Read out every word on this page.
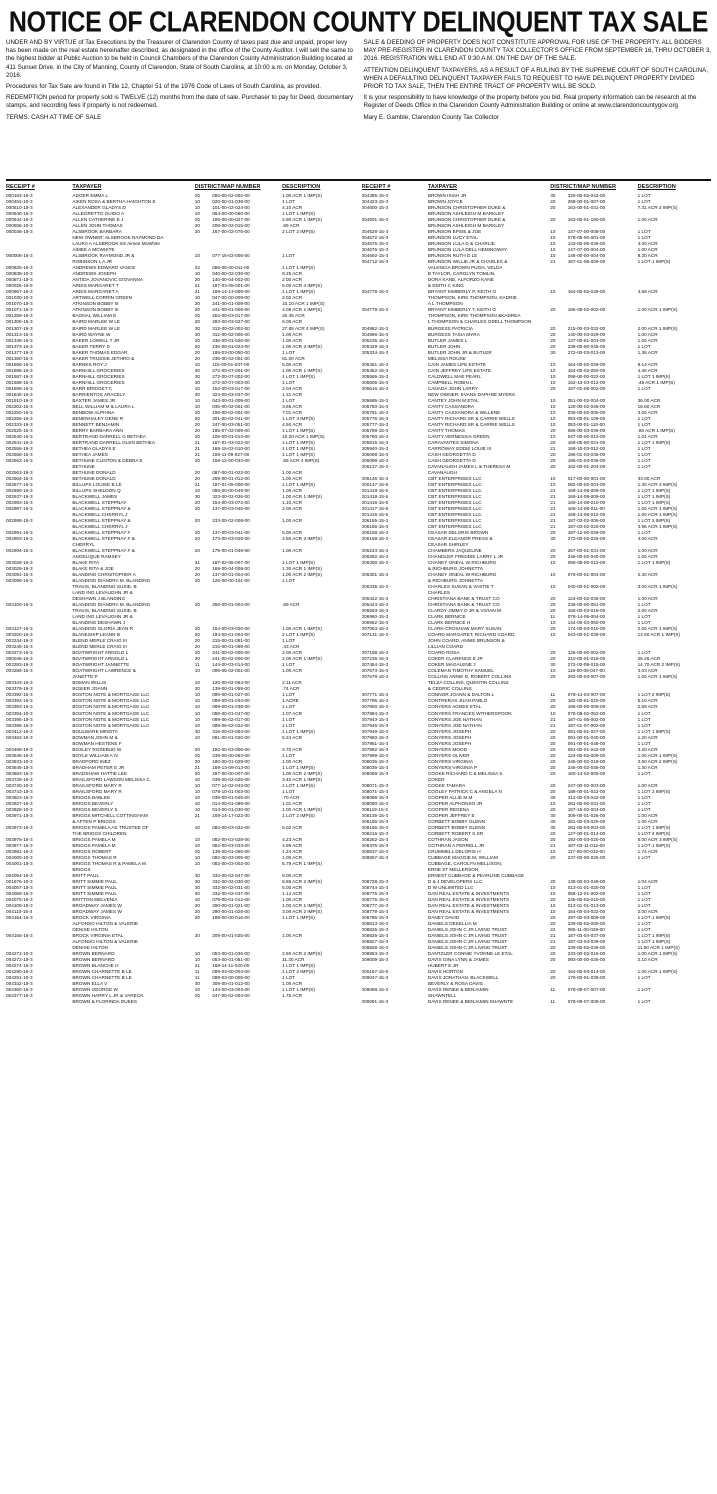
NOTICE OF CLARENDON COUNTY DELINQUENT TAX SALE

UNDER AND BY VIRTUE of Tax Executions by the Treasurer of Clarendon County of taxes past due and unpaid, proper levy has been made on the real estate hereinafter described, as designated in the office of the County Auditor. I will sell the same to the highest bidder at Public Auction to be held in Council Chambers of the Clarendon County Administration Building located at 411 Sunset Drive, in the City of Manning, County of Clarendon, State of South Carolina, at 10:00 a.m. on Monday, October 3, 2016.

Procedures for Tax Sale are found in Title 12, Chapter 51 of the 1976 Code of Laws of South Carolina, as provided.

REDEMPTION period for property sold is TWELVE (12) months from the date of sale. Purchaser to pay for Deed, documentary stamps, and recording fees if property is not redeemed.

TERMS: CASH AT TIME OF SALE

SALE & DEEDING OF PROPERTY DOES NOT CONSTITUTE APPROVAL FOR USE OF THE PROPERTY. ALL BIDDERS MAY PRE-REGISTER IN CLARENDON COUNTY TAX COLLECTOR'S OFFICE FROM SEPTEMBER 16, THRU OCTOBER 3, 2016. REGISTRATION WILL END AT 9:30 A.M. ON THE DAY OF THE SALE.

ATTENTION DELINQUENT TAXPAYERS, AS A RESULT OF A RULING BY THE SUPREME COURT OF SOUTH CAROLINA, WHEN A DEFAULTING DELINQUENT TAXPAYER FAILS TO REQUEST TO HAVE DELINQUENT PROPERTY DIVIDED PRIOR TO TAX SALE, THEN THE ENTIRE TRACT OF PROPERTY WILL BE SOLD.

It is your responsibility to have knowledge of the property before you bid. Real property information can be research at the Register of Deeds Office in the Clarendon County Administration Building or online at www.clarendoncountygov.org

Mary E. Gamble, Clarendon County Tax Collector

RECEIPT #	TAXPAYER	DISTRICT/MAP NUMBER		DESCRIPTION
000183-15-3	ADGER EMMA L	20	092-00-02-002-00	1.00 ACR 1 IMP(S)
000452-15-3	AIKEN ROSA & BERTHA HAIGHTON E	10	020-00-01-038-00	1 LOT
000510-15-3	ALEXANDER GLADYS D	10	101-00-02-024-00	4.10 ACR
000540-15-3	ALLEGRETTO GUIDO A	10	064-00-00-060-00	1 LOT 1 IMP(S)
000544-15-3	ALLEN CATHERINE E J	20	195-00-00-027-00	2.90 ACR 1 IMP(S)
000556-15-3	ALLEN JOHN THOMAS	20	208-00-02-015-00	.69 ACR
000038-15-3	ALSBROOK BARBARA	20	167-00-02-076-00	2 LOT 2 IMP(S)
	NEW OWNER: ALSBROOK RAYMOND DA			
	LAURA A ALSBROOK SS Aimee McWhite			
	AIMEE A MCWHITE			
000008-15-3	ALSBROOK RAYMOND JR &	10	077-16-02-005-00	1 LOT
	ROBINSON L A JR			
000825-15-3	ANDREWS EDWARD VANCE	22	086-05-00-011-00	1 LOT 1 IMP(S)
000838-15-3	ANDREWS JOSEPH	10	040-00-02-038-00	9.25 ACR
000871-15-3	ANTIDA JOVANOVIC GIOVANNA	20	140-00-04-002-00	2.00 ACR
000026-15-5	ARDIS MARGARET T	21	187-03-09-001-00	5.00 ACR 4 IMP(S)
000967-15-3	ARDIS MARGARET A	21	169-14-13-009-00	1 LOT 1 IMP(S)
001030-15-3	ARTWELL CORRIN GREEN	10	047-00-00-009-00	2.02 ACR
001070-15-3	ATKINSON BOBBY III	20	241-00-01-008-00	10.10 ACR 1 IMP(S)
001071-15-3	ATKINSON BOBBY III	20	241-00-01-009-00	4.08 ACR 1 IMP(S)
001259-15-3	BAGNAL WILLIAM E	20	262-00-03-017-00	20.35 ACR
001306-15-3	BAIRD MARLEE W LE	20	283-00-03-027-00	6.00 ACR
001307-15-3	BAIRD MARLEE W LE	30	312-00-02-002-00	27.85 ACR 4 IMP(S)
001313-15-3	BAIRD WAYNE W	30	312-00-02-005-00	1.00 ACR
001345-15-3	BAKER LOWELL T JR	20	236-00-01-026-00	1.00 ACR
001373-15-3	BAKER TERRY D	20	236-00-01-024-00	1.00 ACR 2 IMP(S)
001377-15-3	BAKER THOMAS EDGAR	20	195-03-00-050-00	1 LOT
001380-15-3	BAKER TRUSSIE JETHRO &	20	236-00-02-001-00	81.00 ACR
001569-15-3	BARNES ROY J	10	116-00-01-037-00	5.00 ACR
001586-15-3	BARNHILL GROCERIES	30	272-00-07-001-00	1.00 ACR 1 IMP(S)
001587-15-3	BARNHILL GROCERIES	30	272-00-07-002-00	1 LOT 1 IMP(S)
001588-15-3	BARNHILL GROCERIES	30	272-00-07-003-00	1 LOT
001599-15-3	BARR BRIDGET C	10	162-00-03-017-00	2.04 ACR
001645-15-3	BARRIENTOS ARACELY	30	323-00-03-037-00	1.31 ACR
001910-15-3	BAXTER JAMES JR	10	043-00-01-009-00	1 LOT
002202-15-3	BELL WILLIAM M & LAURA L	10	035-00-02-001-00	3.66 ACR
002250-15-3	BENBOW ALPHINA	20	196-00-02-001-00	7.01 ACR
002256-15-3	BENENHALEY GENE R	20	201-00-02-041-00	1 LOT 3 IMP(S)
002333-15-3	BENNETT BENJAMIN	20	247-00-03-051-00	4.50 ACR
002525-15-3	BERRY BARBARA ANN	20	195-07-02-009-00	1 LOT 1 IMP(S)
002540-15-3	BERTRAND DARRELL G BETHEA	20	106-00-01-013-00	10.20 ACR 1 IMP(S)
002541-15-3	BERTRAND DARRELL GLEN BETHEA	21	187-01-03-022-00	1 LOT 1 IMP(S)
002556-15-3	BETHEA GLADYS E	21	169-15-02-010-00	1 LOT 1 IMP(S)
002558-15-3	BETHEA JAMES	21	169-11-09-027-00	1 LOT 1 IMP(S)
002562-15-3	BETHUNE CLINTON & DEBRA E	20	168-12-00-033-00	.55 ACR 4 IMP(S)
	BETHUNE			
002563-15-3	BETHUNE DONALD	20	087-00-01-022-00	1.00 ACR
002564-15-3	BETHUNE DONALD	20	269-00-01-012-00	1.00 ACR
002677-15-3	BILLUPS LOUISE B LE	21	187-01-05-008-00	1 LOT 1 IMP(S)
002690-15-3	BILLUPS SHELDON Q	10	066-00-00-049-00	1.00 ACR
002937-15-3	BLACKWELL JAMES	30	323-00-02-036-00	1.00 ACR 1 IMP(S)
002983-15-3	BLACKWELL STEPPNAY	20	164-00-03-072-00	1.10 ACR
002987-15-3	BLACKWELL STEPPNAY &	20	137-00-03-045-00	2.00 ACR
	BLACKWELL CHERRYL J			
002988-15-3	BLACKWELL STEPPNAY &	20	233-00-02-008-00	1.00 ACR
	BLACKWELL CHERRYL J			
002991-15-3	BLACKWELL STEPPNAY F	20	137-00-03-041-00	5.00 ACR
002993-15-3	BLACKWELL STEPPNAY F &	20	173-00-03-025-00	4.50 ACR 2 IMP(S)
	CHERRYL			
002994-15-3	BLACKWELL STEPPNAY F &	20	179-00-01-049-00	1.00 ACR
	ANGELIQUE RAMSEY			
003028-15-3	BLAKE RITA	21	187-02-06-007-00	1 LOT 1 IMP(S)
003029-15-3	BLAKE RITA & JOE	20	168-00-04-008-00	1.30 ACR 1 IMP(S)
003091-15-3	BLANDING CHRISTOPHER A	20	137-00-01-004-00	1.00 ACR 2 IMP(S)
003099-15-3	BLANDING DIANDRA M, BLANDING	20	126-00-00-101-00	1 LOT
	TRAVIS, BLANDING SUSIE, B			
	LAND ING LEVAUGHN JR &			
	DESHAWN J BLANDING			
003100-15-3	BLANDING DIANDRA M, BLANDING	20	266-00-01-004-00	.69 ACR
	TRAVIS, BLANDING SUSIE, B			
	LAND ING LEVAUGHN JR &			
	BLANDING DESHAWN J			
003127-15-3	BLANDING GLORIA JEAN R	20	164-00-03-020-00	1.00 ACR 1 IMP(S)
003200-15-3	BLANKSHIP LEANN B	20	194-00-01-004-00	2 LOT 1 IMP(S)
003244-15-3	BLEND MERLE CRAIG III	20	215-00-01-081-00	1 LOT
003245-15-3	BLEND MERLE CRAIG III	20	215-00-01-098-00	.43 ACR
003273-15-3	BOATWRIGHT ARNOLD L	20	241-00-02-005-00	2.00 ACR
000046-15-3	BOATWRIGHT ARNOLD L	20	241-00-02-006-00	2.00 ACR 1 IMP(S)
003283-15-3	BOATWRIGHT JANNETTE	11	144-00-03-014-00	1 LOT
003286-15-3	BOATWRIGHT LAWRENCE &	10	099-06-02-001-00	1.00 ACR
	JANETTE P			
003343-15-3	BOMAN WILLIS	10	120-00-02-064-00	2.11 ACR
003379-15-3	BOSIER JOANN	20	139-00-01-059-00	.74 ACR
003392-15-3	BOSTON NOTE & MORTGAGE LLC	10	099-00-01-027-00	1 LOT
003392-15-3	BOSTON NOTE & MORTGAGE LLC	10	099-00-01-034-00	1 ACRE
003393-15-3	BOSTON NOTE & MORTGAGE LLC	10	099-00-01-038-00	1 LOT
003394-15-3	BOSTON NOTE & MORTGAGE LLC	10	099-00-01-047-00	1.07 ACR
003395-15-3	BOSTON NOTE & MORTGAGE LLC	10	099-06-02-017-00	1 LOT
003396-15-3	BOSTON NOTE & MORTGAGE LLC	10	099-06-02-022-00	1 LOT
003412-15-3	BOULWARE MINOTA	30	315-00-03-004-00	1 LOT 1 IMP(S)
003462-15-3	BOWMAN JOHN M &	10	081-00-01-020-00	5.24 ACR
	BOWMAN HESTENE F			
003489-15-3	BOXLEY ROSEBUD W	20	192-00-03-006-00	4.70 ACR
003546-15-3	BOYLE WILLIAM A IV	20	238-00-00-063-00	1 LOT
003633-15-3	BRADFORD INEZ	20	180-00-01-029-00	1.00 ACR
003645-15-3	BRADHAM PETER E JR	21	169-13-09-013-00	1 LOT 1 IMP(S)
003683-15-3	BRADSHAW HATTIE LEE	20	297-00-00-007-00	1.00 ACR 2 IMP(S)
003728-15-3	BRAILSFORD LAWSON MELISSA C	10	039-00-02-025-00	3.40 ACR 1 IMP(S)
003740-15-3	BRAILSFORD MARY R	10	077-14-02-043-00	1 LOT 1 IMP(S)
003743-15-3	BRAILSFORD MARY R	10	078-10-01-003-00	1 LOT
003923-15-3	BRIGGS BABLEE	10	039-00-01-045-00	.70 ACR
003927-15-3	BRIGGS BEVERLY	10	014-00-01-089-00	1.01 ACR
003928-15-3	BRIGGS BEVERLY S	10	014-00-01-030-00	1.00 ACR 1 IMP(S)
003971-15-3	BRIGGS MITCHELL COTTINGHAM	21	169-14-17-022-00	1 LOT 2 IMP(S)
	& AFTEN P BRIGGS			
003973-15-3	BRIGGS PAMELA AS TRUSTEE OF	10	082-00-03-032-00	5.02 ACR
	THE BRIGGS CHILDREN			
003976-15-3	BRIGGS PAMELA M	10	082-00-03-028-00	4.23 ACR
003977-15-3	BRIGGS PAMELA M	10	082-00-03-033-00	4.95 ACR
003981-15-3	BRIGGS ROBERT	20	139-00-01-065-00	1.24 ACR
004000-15-3	BRIGGS THOMAS R	10	082-00-03-005-00	1.00 ACR
004001-15-3	BRIGGS THOMAS R & PAMELA M	10	082-00-03-002-00	5.79 ACR 1 IMP(S)
	BRIGGS			
004054-15-3	BRITT PAUL	30	332-00-02-047-00	9.00 ACR
001676-15-3	BRITT SIMMIE PAUL	30	332-00-02-030-00	8.86 ACR 2 IMP(S)
004057-15-3	BRITT SIMMIE PAUL	30	332-00-02-031-00	5.00 ACR
004058-15-3	BRITT SIMMIE PAUL	30	332-00-02-037-00	1.14 ACR
004075-15-3	BRITTON MELVENIA	10	078-00-01-012-00	1.00 ACR
004109-15-3	BROADWAY JAMES W	20	290-00-01-021-00	1.00 ACR 1 IMP(S)
004110-15-3	BROADWAY JAMES W	20	290-00-01-026-00	3.00 ACR 2 IMP(S)
004164-15-3	BROCK VIRGINIA	20	195-00-00-016-00	1 LOT 1 IMP(S)
	ALFONSO HILTON & VALERIE			
	DENISE HILTON			
004165-15-3	BROCK VIRGINIA ETAL	20	209-00-01-025-00	1.00 ACR
	ALFONSO HILTON & VALERIE			
	DENISE HILTON			
004271-15-3	BROWN BERNARD	10	053-00-01-036-00	2.50 ACR 2 IMP(S)
004272-15-3	BROWN BERNARD	10	053-00-01-051-00	11.30 ACR
004274-15-3	BROWN BLANCHE H	21	169-14-11-020-00	1 LOT 1 IMP(S)
004290-15-3	BROWN CHARNETTE B LE	11	099-03-00-004-00	1 LOT 2 IMP(S)
004291-15-3	BROWN CHARNETTE B LE	11	099-03-00-005-00	1 LOT
004332-15-3	BROWN ELLA V	30	309-00-01-012-00	1.00 ACR
004360-15-3	BROWN GEORGE W	10	143-00-03-003-00	1 LOT 1 IMP(S)
004377-15-3	BROWN HARRY L JR & VARECK	20	247-00-02-004-00	1.75 ACR
	BROWN & FLORINDA DUKES			
RECEIPT #	TAXPAYER	DISTRICT/MAP NUMBER		DESCRIPTION
004385-15-3	BROWN ISIAH JR	30	325-00-02-043-00	1 LOT
004423-15-3	BROWN JOYCE	20	268-00-01-007-00	1 LOT
004600-15-3	BRUNSON CHRISTOPHER DUKE &	20	163-00-01-031-00	7.31 ACR 2 IMP(S)
	BRUNSON ASHLEIGH M BARKLEY			
004601-15-3	BRUNSON CHRISTOPHER DUKE &	20	163-00-01-190-00	1.00 ACR
	BRUNSON ASHLEIGH M BARKLEY			
004628-15-3	BRUNSON EPSIE & JOE	10	147-07-00-008-00	1 LOT
004672-15-3	BRUNSON LUCY ETAL	10	078-05-00-001-00	1 LOT
004675-15-3	BRUNSON LULA D & CHARLIE	10	143-00-05-036-00	4.00 ACR
004676-15-3	BRUNSON LULA DELL HEMINGWAY	10	147-07-00-004-00	1.00 ACR
004692-15-3	BRUNSON RUTH D LE	10	146-00-00-004-00	8.20 ACR
004712-15-3	BRUNSON WILLIE JR & CHARLES &	21	187-01-06-009-00	1 LOT 1 IMP(S)
	VALENCIA BROWN PUGH, VELDA			
	B TAYLOR, CAROLYN TOMLIN,			
	DORA KANE, ALFORZO KANE			
	& EDITH C KING			
004778-15-3	BRYANT KIMBERLY P, KEITH O	10	164-00-02-049-00	4.69 ACR
	THOMPSON, KIRK THOMPSON, KADRIE			
	A L THOMPSON			
004779-15-3	BRYANT KIMBERLY T, KEITH O	20	185-08-02-002-00	1.00 ACR 1 IMP(S)
	THOMPSON, KIRK THOMPSON &KADREA			
	L THOMPSON & CHARLES ODELL THOMPSON			
004982-15-3	BURGESS PATRICIA	20	215-00-03-032-00	2.00 ACR 1 IMP(S)
004996-15-3	BURGESS TASIA MYRA	20	140-00-03-029-00	1.00 ACR
005235-15-3	BUTLER JAMES L	20	137-00-01-001-00	1.00 ACR
005329-15-3	BUTLER JOHN	20	238-00-00-045-00	1 LOT
005334-15-3	BUTLER JOHN JR & BUTLER	30	272-00-03-013-00	1.36 ACR
	MELISSA ROUSE			
005451-15-3	CAIN JAMES LIFE ESTATE	10	164-00-02-028-00	8.14 ACR
005452-15-3	CAIN JEFFREY LIFE ESTATE	10	164-00-02-050-00	4.45 ACR
005565-15-3	CALDWELL MAE PEARL	10	098-00-00-022-00	1 LOT 1 IMP(S)
005605-15-3	CAMPBELL ROBIN L	10	162-13-03-012-00	.49 ACR 1 IMP(S)
005616-15-3	CANADA JOHN LARRY	20	197-01-06-002-00	1 LOT
	NEW OWNER: EVANS DAPHNE MYERS			
005685-15-3	CANTEY JOHN M ETAL	10	051-00-02-004-00	36.00 ACR
005750-15-3	CANTY CASSANDRA	10	120-00-02-046-00	16.60 ACR
005751-15-3	CANTY CASSANDRA & WILLENE	10	039-00-02-005-00	3.00 ACR
005776-15-3	CANTY RICHARD SR & CARRIE WELLS	10	053-00-01-109-00	1 LOT
005777-15-3	CANTY RICHARD SR & CARRIE WELLS	10	053-00-01-110-00	1 LOT
005789-15-3	CANTY THOMAS	20	086-00-03-036-00	.80 ACR 1 IMP(S)
005790-15-3	CANTY VERNESSIA GREEN	10	047-00-00-013-00	1.01 ACR
005815-15-3	CARAVANTES SIMONA	20	169-05-00-021-00	1 LOT 1 IMP(S)
005940-15-3	CARROWAY EDDIE LOUIE III	21	168-10-03-012-00	1 LOT
006098-15-3	CASH GEORGETTA D	20	196-01-03-035-00	1 LOT
006099-15-3	CASH GEORGETTA D	20	196-01-03-036-00	1 LOT
006137-15-3	CAVANAUGH JAMES L & THERESA M	20	162-00-01-204-00	1 LOT
	CAVANAUGH			
006146-15-3	CBT ENTERPRISES LLC	10	017-00-00-001-00	33.00 ACR
000147-15-5	CBT ENTERPRISES LLC	10	082-00-02-001-00	1.30 ACR 3 IMP(S)
001418-15-5	CBT ENTERPRISES LLC	21	169-14-08-008-00	1 LOT 1 IMP(S)
001418-15-5	CBT ENTERPRISES LLC	21	169-14-08-009-00	1 LOT 1 IMP(S)
001416-15-5	CBT ENTERPRISES LLC	21	169-14-08-010-00	1 LOT 1 IMP(S)
001417-15-5	CBT ENTERPRISES LLC	21	169-14-08-011-00	1.00 ACR 1 IMP(S)
001415-15-5	CBT ENTERPRISES LLC	21	169-14-08-012-00	1.00 ACR 1 IMP(S)
006155-15-3	CBT ENTERPRISES LLC	21	187-03-02-006-00	1 LOT 2 IMP(S)
006156-15-3	CBT ENTERPRISES LLC	21	187-03-02-020-00	3.96 ACR 1 IMP(S)
006158-15-3	CEASAR DELORIS BROWN	20	187-12-00-028-00	1 LOT
006159-15-3	CEASAR ELEANOR PRESS &	30	273-00-02-026-00	4.00 ACR
	CEASAR SHIRLEY			
006243-15-3	CHAMBERS JAQUELINE	20	267-00-01-031-00	1.00 ACR
006282-15-3	CHANDLER FREDDIE LARRY L JR	20	246-00-02-040-00	1.00 ACR
006300-15-3	CHANEY ONEAL W RICHBURG	10	059-08-00-013-00	1 LOT 1 IMP(S)
	& RICHBURG JOHNETTA			
006301-15-3	CHANEY ONEAL W RICHBURG	10	076-00-01-004-00	2.40 ACR
	& RICHBURG JOHNETTA			
006335-15-3	CHARLES SUSAN & VASTIE T	10	040-00-01-002-00	3.00 ACR 1 IMP(S)
	CHARLES			
006442-15-3	CHRISTIANA BANK & TRUST CO	20	124-00-02-036-00	1.00 ACR
006443-15-3	CHRISTIANA BANK & TRUST CO	20	238-00-00-051-00	1 LOT
006693-15-3	CLARDY JIMMY O JR & VIVIAN M	20	166-00-03-018-00	2.00 ACR
006960-15-3	CLARK BERNICE	11	078-14-06-004-00	1 LOT
006962-15-3	CLARK BERNICE H	10	144-00-03-050-00	1 LOT
007053-15-3	CLARK-CROSHAW MARY SUSAN	20	174-00-03-010-00	2.00 ACR 1 IMP(S)
007131-15-3	COARD MARGARET, RICHARD COARD,	10	043-00-01-039-00	13.50 ACR 1 IMP(S)
	JOHN COARD, ANNIE BRUNSON &			
	LILLIAN COARD			
007158-15-3	COARD ROSA	20	126-00-00-002-00	1 LOT
007235-15-3	COKER CLARENCE E JR	20	210-00-01-015-00	26.26 ACR
007464-15-3	COKER MAGALENE J	30	272-00-08-015-00	14.70 ACR 2 IMP(S)
007673-15-3	COLEMAN TIMOTHY SAMUEL	10	119-00-05-047-00	3.03 ACR
007679-15-3	COLLINS ANNIE D, ROBERT COLLINS	20	293-00-03-007-00	1.00 ACR 1 IMP(S)
	TELZA COLLINS, QUENTIN COLLINS			
	& CEDRIC COLLINS			
007771-15-3	CONNOR JOANN & DALTON L	11	078-14-04-007-00	1 LOT 2 IMP(S)
007796-15-3	CONTRERAS JUAN PABLO	20	182-00-01-020-00	5.10 ACR
007800-15-3	CONYERS AGNES ETAL	20	195-00-00-008-00	2.59 ACR
007884-15-3	CONYERS FRANCES WITHERSPOON	10	078-08-02-052-00	1 LOT
007943-15-3	CONYERS JOE NATHAN	21	187-01-06-002-00	1 LOT
007945-15-3	CONYERS JOE NATHAN	21	187-01-07-002-00	1 LOT
007949-15-3	CONYERS JOSEPH	20	091-00-01-027-00	1 LOT 1 IMP(S)
007950-15-3	CONYERS JOSEPH	20	091-00-01-040-00	1.20 ACR
007951-15-3	CONYERS JOSEPH	20	091-00-01-048-00	1 LOT
007992-15-3	CONYERS MOOD	20	091-00-01-042-00	3.20 ACR
007999-15-3	CONYERS OLIVER	20	124-00-02-009-00	1.00 ACR 1 IMP(S)
008035-15-3	CONYERS VIRGINIA	20	246-00-02-018-00	3.60 ACR 2 IMP(S)
008036-15-3	CONYERS VIRGINIA P	20	246-00-02-046-00	1.30 ACR
008059-15-3	COOKE RICHARD C & MELISSA S	20	160-14-02-005-00	1 LOT
	COKER			
008071-15-3	COOKE TAMARA	20	247-00-02-003-00	1.00 ACR
008071-15-3	COOLEY PATRICK C & ANGELA N	20	188-00-01-022-00	1 LOT 2 IMP(S)
008088-15-3	COOPER ALLIE M M	30	312-00-03-042-00	1 LOT
008090-15-3	COOPER ALPHONSO JR	10	281-00-00-031-00	1 LOT
008119-15-3	COOPER REGENA	20	197-15-02-004-00	1 LOT
008135-15-3	COOPER JEFFREY E	30	309-00-01-026-00	1.00 ACR
008155-15-3	CORBETT BOBBY GLENN	30	281-00-03-020-00	1.00 ACR
008156-15-3	CORBETT BOBBY GLENN	30	281-00-03-003-00	1 LOT 1 IMP(S)
008216-15-3	CORBETT ROBERT S SR	20	127-00-01-014-00	1 LOT 2 IMP(S)
008262-15-3	COTHRAN JASON	20	192-00-03-020-00	6.00 ACR 3 IMP(S)
008376-15-3	COTHRAN A FERRELL JR	21	187-03-11-012-00	1 LOT 1 IMP(S)
008537-15-3	CRUMMELL DELORIS H	10	117-00-00-032-00	1.74 ACR
008557-15-3	CUBBAGE MAGGIE M, WILLIAM	20	237-00-00-025-00	1 LOT
	CUBBAGE, CAROLYN MELLISON,			
	ERNE ST MELLERSON,			
	ERNEST CUBBAGE & PEARLINE CUBBAGE			
008728-15-3	D & J DEVELOPERS LLC	20	138-00-03-049-00	1.04 ACR
008744-15-3	D W UNLIMITED LLC	10	013-01-01-020-00	1 LOT
008775-15-3	DAN REAL ESTATE & INVESTMENTS	10	058-12-01-002-00	1 LOT
008776-15-3	DAN REAL ESTATE & INVESTMENTS	20	246-00-02-010-00	1 LOT
008777-15-3	DAN REAL ESTATE & INVESTMENTS	10	013-01-01-013-00	1 LOT
008778-15-3	DAN REAL ESTATE & INVESTMENTS	10	164-00-04-022-00	2.00 ACR
008786-15-3	DANEY DAVID	20	297-00-03-009-00	1 LOT 1 IMP(S)
008813-15-3	DANIELS DEKELLIA M	20	239-00-02-005-00	1 LOT
008825-15-3	DANIELS JOHN C JR LIVING TRUST	22	086-11-00-028-00	1 LOT
008826-15-3	DANIELS JOHN C JR LIVING TRUST	21	187-03-04-037-00	1 LOT 1 IMP(S)
008827-15-3	DANIELS JOHN C JR LIVING TRUST	21	187-03-04-039-00	1 LOT 1 IMP(S)
008828-15-3	DANIELS JOHN C JR LIVING TRUST	20	239-00-02-036-00	11.90 ACR 1 IMP(S)
008863-15-3	DANTZLER CONNIE YVONNE LE ETAL	20	233-00-02-016-00	1.00 ACR 1 IMP(S)
009009-15-3	DAVIS GINA LYNN & JAMES	20	093-00-00-026-00	2.10 ACR
	HUBERT E JR			
000167-15-5	DAVIS HORTON	20	164-00-03-014-00	1.00 ACR 1 IMP(S)
009047-15-3	DAVIS JONATHAN, BLACKWELL	20	179-00-01-039-00	1 LOT
	BEVERLY & ROSA DAVIS			
009088-15-3	DAVIS RENEE & BENJAMIN	11	078-09-07-007-00	1 LOT
	SHAWNTELL			
009091-15-3	DAVIS RENEE & BENJAMIN SHAWNTE	11	078-09-07-008-00	1 LOT
